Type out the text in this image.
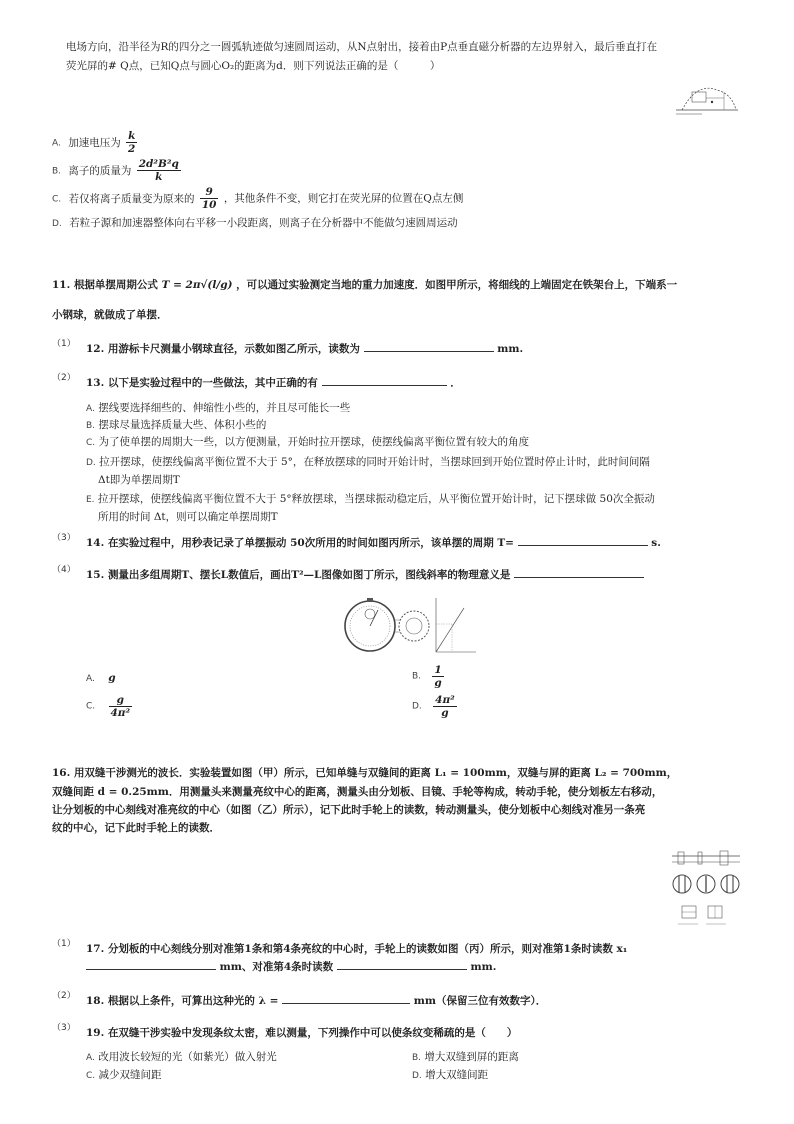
电场方向，沿半径为R的四分之一圆弧轨迹做匀速圆周运动，从N点射出，接着由P点垂直磁分析器的左边界射入，最后垂直打在
荧光屏的# Q点，已知Q点与圆心O₂的距离为d．则下列说法正确的是（　　　）
A. 加速电压为 $\frac{k}{2}$
B. 离子的质量为 $\frac{\text{2d²B²q}}{k}$
C. 若仅将离子质量变为原来的 $\frac{9}{10}$ ，其他条件不变，则它打在荧光屏的位置在Q点左侧
D. 若粒子源和加速器整体向右平移一小段距离，则离子在分析器中不能做匀速圆周运动
11. 根据单摆周期公式 T = 2π√(l/g) ，可以通过实验测定当地的重力加速度．如图甲所示，将细线的上端固定在铁架台上，下端系一
小钢球，就做成了单摆．
（1） 12. 用游标卡尺测量小钢球直径，示数如图乙所示，读数为	mm.
（2） 13. 以下是实验过程中的一些做法，其中正确的有	．
A. 摆线要选择细些的、伸缩性小些的，并且尽可能长一些
B. 摆球尽量选择质量大些、体积小些的
C. 为了使单摆的周期大一些，以方便测量，开始时拉开摆球，使摆线偏离平衡位置有较大的角度
D. 拉开摆球，使摆线偏离平衡位置不大于 5°，在释放摆球的同时开始计时，当摆球回到开始位置时停止计时，此时间间隔
Δt即为单摆周期T
E. 拉开摆球，使摆线偏离平衡位置不大于 5°释放摆球，当摆球振动稳定后，从平衡位置开始计时，记下摆球做 50次全振动
所用的时间 Δt，则可以确定单摆周期T
（3） 14. 在实验过程中，用秒表记录了单摆振动 50次所用的时间如图丙所示，该单摆的周期 T=	s.
（4） 15. 测量出多组周期T、摆长L数值后，画出T²—L图像如图丁所示，图线斜率的物理意义是
A. g	B. $\frac{1}{g}$
C. $\frac{g}{\text{4π²}}$	D. $\frac{\text{4π²}}{g}$
16. 用双缝干涉测光的波长．实验装置如图（甲）所示，已知单缝与双缝间的距离 L₁ = 100mm，双缝与屏的距离 L₂ = 700mm，
双缝间距 d = 0.25mm．用测量头来测量亮纹中心的距离，测量头由分划板、目镜、手轮等构成，转动手轮，使分划板左右移动，
让分划板的中心刻线对准亮纹的中心（如图（乙）所示），记下此时手轮上的读数，转动测量头，使分划板中心刻线对准另一条亮
纹的中心，记下此时手轮上的读数．
（1） 17. 分划板的中心刻线分别对准第1条和第4条亮纹的中心时，手轮上的读数如图（丙）所示，则对准第1条时读数 x₁
mm、对准第4条时读数	mm.
（2） 18. 根据以上条件，可算出这种光的 λ =	mm（保留三位有效数字）．
（3） 19. 在双缝干涉实验中发现条纹太密，难以测量，下列操作中可以使条纹变稀疏的是（　　）
A. 改用波长较短的光（如紫光）做入射光	B. 增大双缝到屏的距离
C. 减少双缝间距	D. 增大双缝间距
